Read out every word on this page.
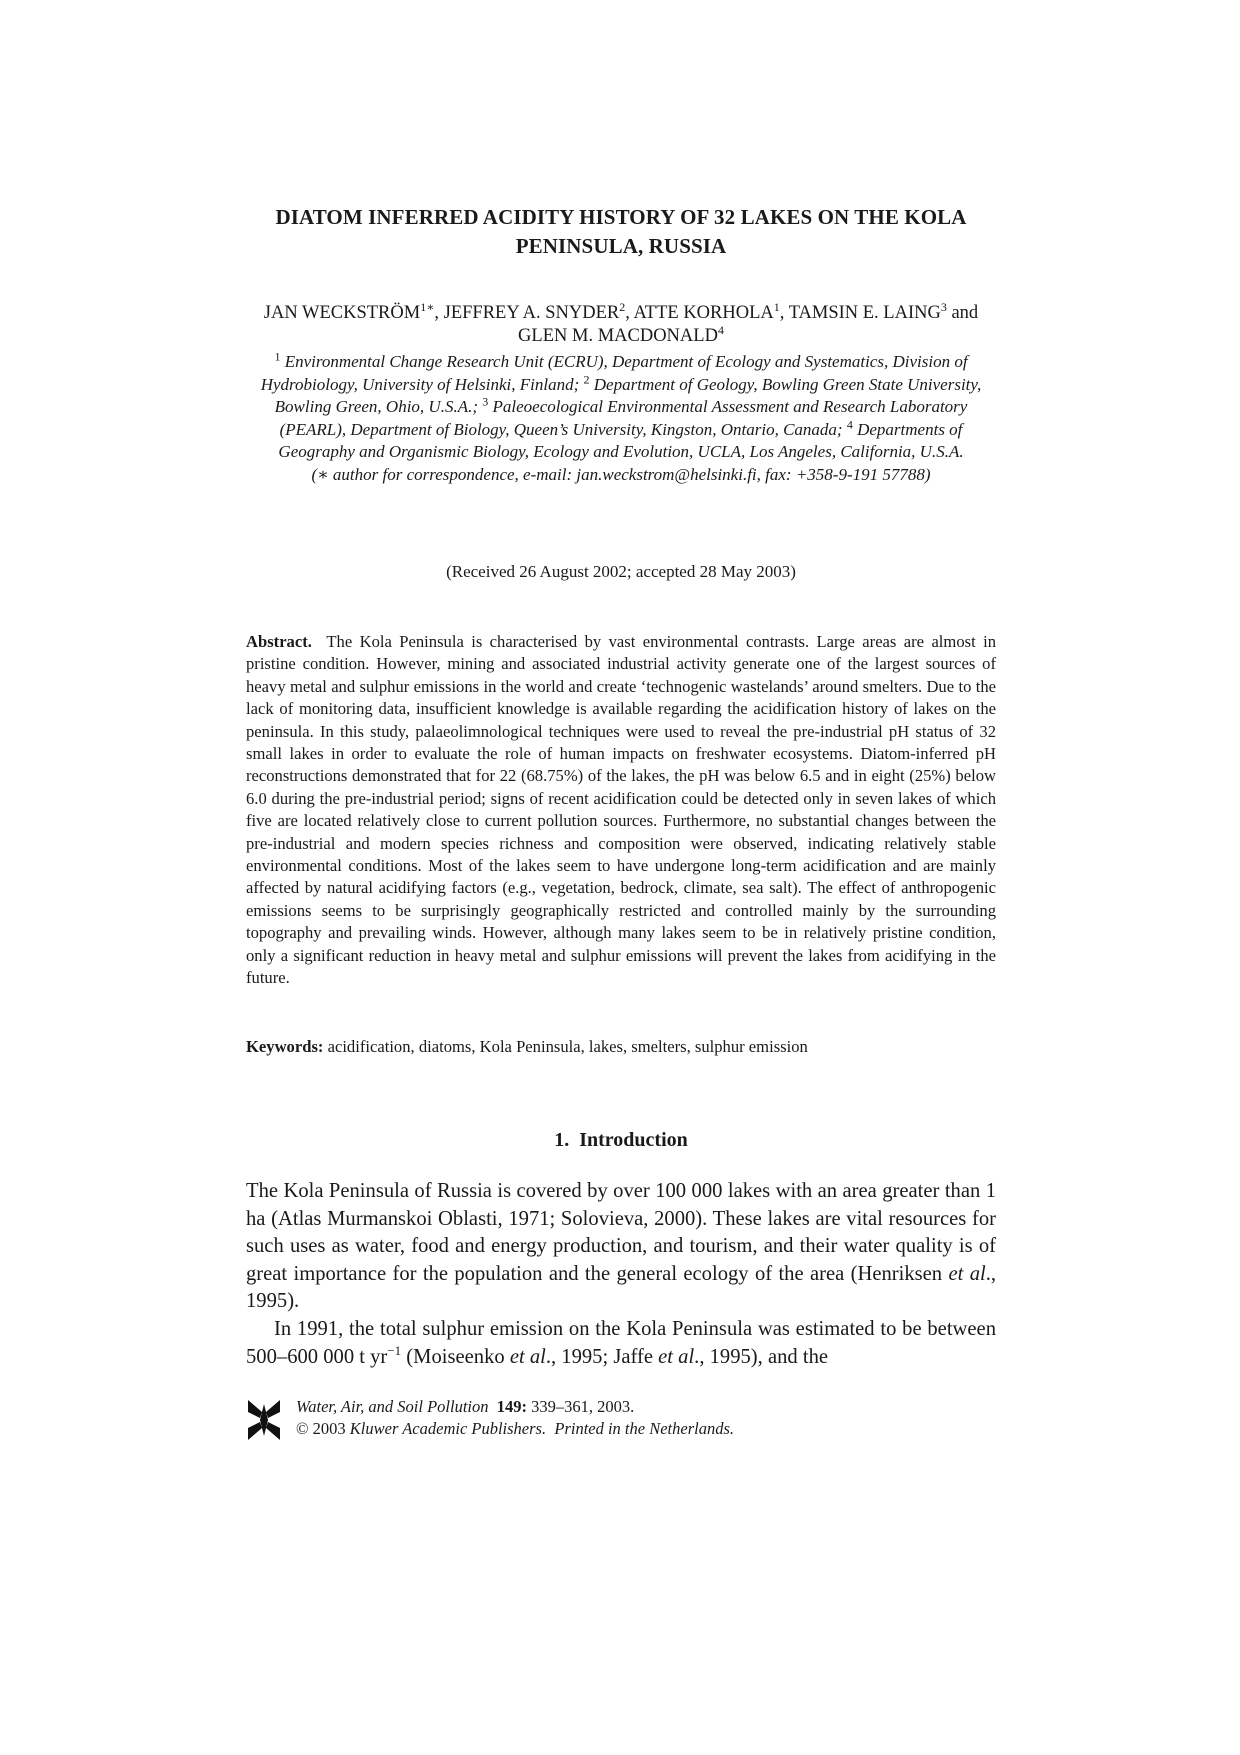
DIATOM INFERRED ACIDITY HISTORY OF 32 LAKES ON THE KOLA
PENINSULA, RUSSIA
JAN $WECKSTRÖM^{1∗}$, JEFFREY A. SNYDER$^2$, ATTE KORHOLA$^1$, TAMSIN E. LAING$^3$ and GLEN M. MACDONALD$^4$
$^1$ Environmental Change Research Unit (ECRU), Department of Ecology and Systematics, Division of Hydrobiology, University of Helsinki, Finland; $^2$ Department of Geology, Bowling Green State University, Bowling Green, Ohio, U.S.A.; $^3$ Paleoecological Environmental Assessment and Research Laboratory (PEARL), Department of Biology, Queen’s University, Kingston, Ontario, Canada; $^4$ Departments of Geography and Organismic Biology, Ecology and Evolution, UCLA, Los Angeles, California, U.S.A.
(∗ author for correspondence, e-mail: jan.weckstrom@helsinki.fi, fax: +358-9-191 57788)
(Received 26 August 2002; accepted 28 May 2003)
Abstract. The Kola Peninsula is characterised by vast environmental contrasts. Large areas are almost in pristine condition. However, mining and associated industrial activity generate one of the largest sources of heavy metal and sulphur emissions in the world and create ‘technogenic wastelands’ around smelters. Due to the lack of monitoring data, insufficient knowledge is available regarding the acidification history of lakes on the peninsula. In this study, palaeolimnological techniques were used to reveal the pre-industrial pH status of 32 small lakes in order to evaluate the role of human impacts on freshwater ecosystems. Diatom-inferred pH reconstructions demonstrated that for 22 (68.75%) of the lakes, the pH was below 6.5 and in eight (25%) below 6.0 during the pre-industrial period; signs of recent acidification could be detected only in seven lakes of which five are located relatively close to current pollution sources. Furthermore, no substantial changes between the pre-industrial and modern species richness and composition were observed, indicating relatively stable environmental conditions. Most of the lakes seem to have undergone long-term acidification and are mainly affected by natural acidifying factors (e.g., vegetation, bedrock, climate, sea salt). The effect of anthropogenic emissions seems to be surprisingly geographically restricted and controlled mainly by the surrounding topography and prevailing winds. However, although many lakes seem to be in relatively pristine condition, only a significant reduction in heavy metal and sulphur emissions will prevent the lakes from acidifying in the future.
Keywords: acidification, diatoms, Kola Peninsula, lakes, smelters, sulphur emission
1. Introduction

The Kola Peninsula of Russia is covered by over 100 000 lakes with an area greater than 1 ha (Atlas Murmanskoi Oblasti, 1971; Solovieva, 2000). These lakes are vital resources for such uses as water, food and energy production, and tourism, and their water quality is of great importance for the population and the general ecology of the area (Henriksen et al., 1995).

In 1991, the total sulphur emission on the Kola Peninsula was estimated to be between 500–600 000 t $yr^{-1}$ (Moiseenko et al., 1995; Jaffe et al., 1995), and the

Water, Air, and Soil Pollution 149: 339–361, 2003.
© 2003 Kluwer Academic Publishers. Printed in the Netherlands.
